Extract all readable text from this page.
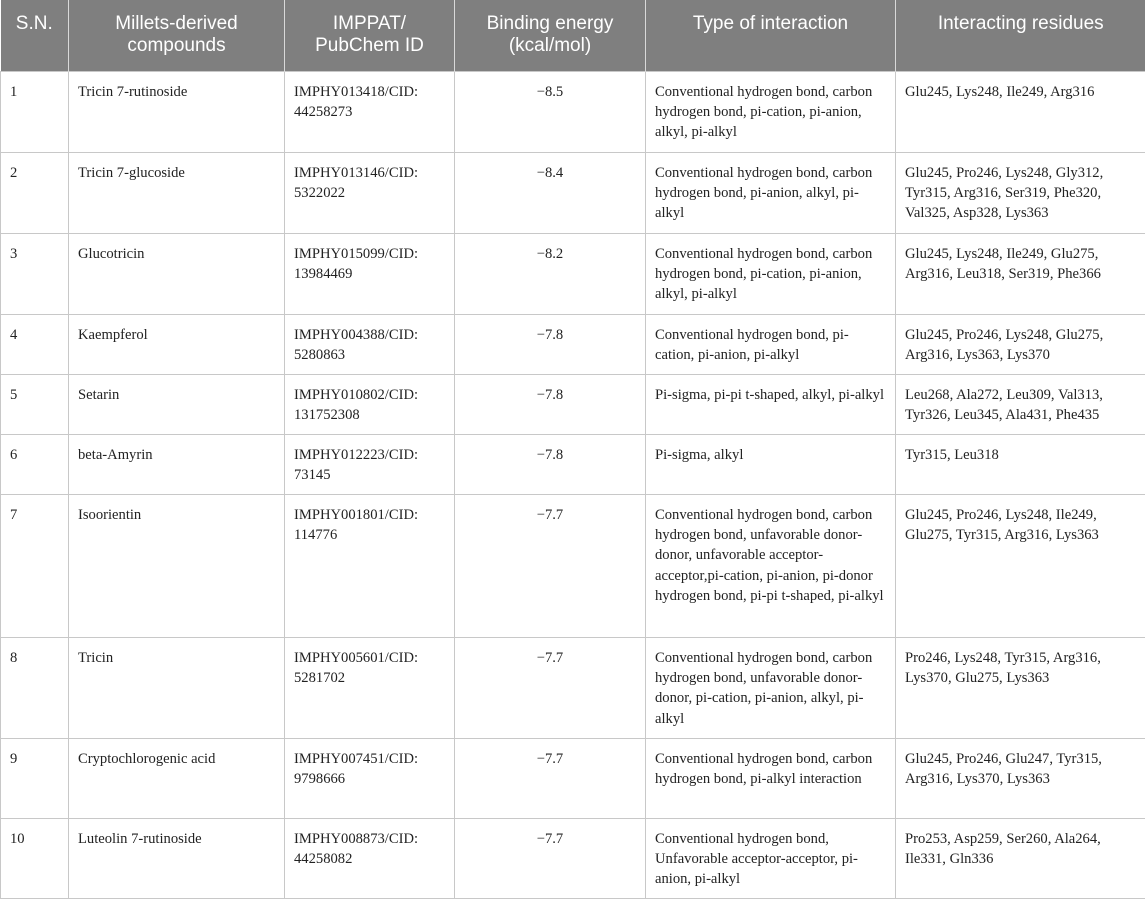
S.N.	Millets-derived compounds	IMPPAT/ PubChem ID	Binding energy (kcal/mol)	Type of interaction	Interacting residues
1	Tricin 7-rutinoside	IMPHY013418/CID: 44258273	−8.5	Conventional hydrogen bond, carbon hydrogen bond, pi-cation, pi-anion, alkyl, pi-alkyl	Glu245, Lys248, Ile249, Arg316
2	Tricin 7-glucoside	IMPHY013146/CID: 5322022	−8.4	Conventional hydrogen bond, carbon hydrogen bond, pi-anion, alkyl, pi-alkyl	Glu245, Pro246, Lys248, Gly312, Tyr315, Arg316, Ser319, Phe320, Val325, Asp328, Lys363
3	Glucotricin	IMPHY015099/CID: 13984469	−8.2	Conventional hydrogen bond, carbon hydrogen bond, pi-cation, pi-anion, alkyl, pi-alkyl	Glu245, Lys248, Ile249, Glu275, Arg316, Leu318, Ser319, Phe366
4	Kaempferol	IMPHY004388/CID: 5280863	−7.8	Conventional hydrogen bond, pi-cation, pi-anion, pi-alkyl	Glu245, Pro246, Lys248, Glu275, Arg316, Lys363, Lys370
5	Setarin	IMPHY010802/CID: 131752308	−7.8	Pi-sigma, pi-pi t-shaped, alkyl, pi-alkyl	Leu268, Ala272, Leu309, Val313, Tyr326, Leu345, Ala431, Phe435
6	beta-Amyrin	IMPHY012223/CID: 73145	−7.8	Pi-sigma, alkyl	Tyr315, Leu318
7	Isoorientin	IMPHY001801/CID: 114776	−7.7	Conventional hydrogen bond, carbon hydrogen bond, unfavorable donor-donor, unfavorable acceptor-acceptor,pi-cation, pi-anion, pi-donor hydrogen bond, pi-pi t-shaped, pi-alkyl	Glu245, Pro246, Lys248, Ile249, Glu275, Tyr315, Arg316, Lys363
8	Tricin	IMPHY005601/CID: 5281702	−7.7	Conventional hydrogen bond, carbon hydrogen bond, unfavorable donor-donor, pi-cation, pi-anion, alkyl, pi-alkyl	Pro246, Lys248, Tyr315, Arg316, Lys370, Glu275, Lys363
9	Cryptochlorogenic acid	IMPHY007451/CID: 9798666	−7.7	Conventional hydrogen bond, carbon hydrogen bond, pi-alkyl interaction	Glu245, Pro246, Glu247, Tyr315, Arg316, Lys370, Lys363
10	Luteolin 7-rutinoside	IMPHY008873/CID: 44258082	−7.7	Conventional hydrogen bond, Unfavorable acceptor-acceptor, pi-anion, pi-alkyl	Pro253, Asp259, Ser260, Ala264, Ile331, Gln336
